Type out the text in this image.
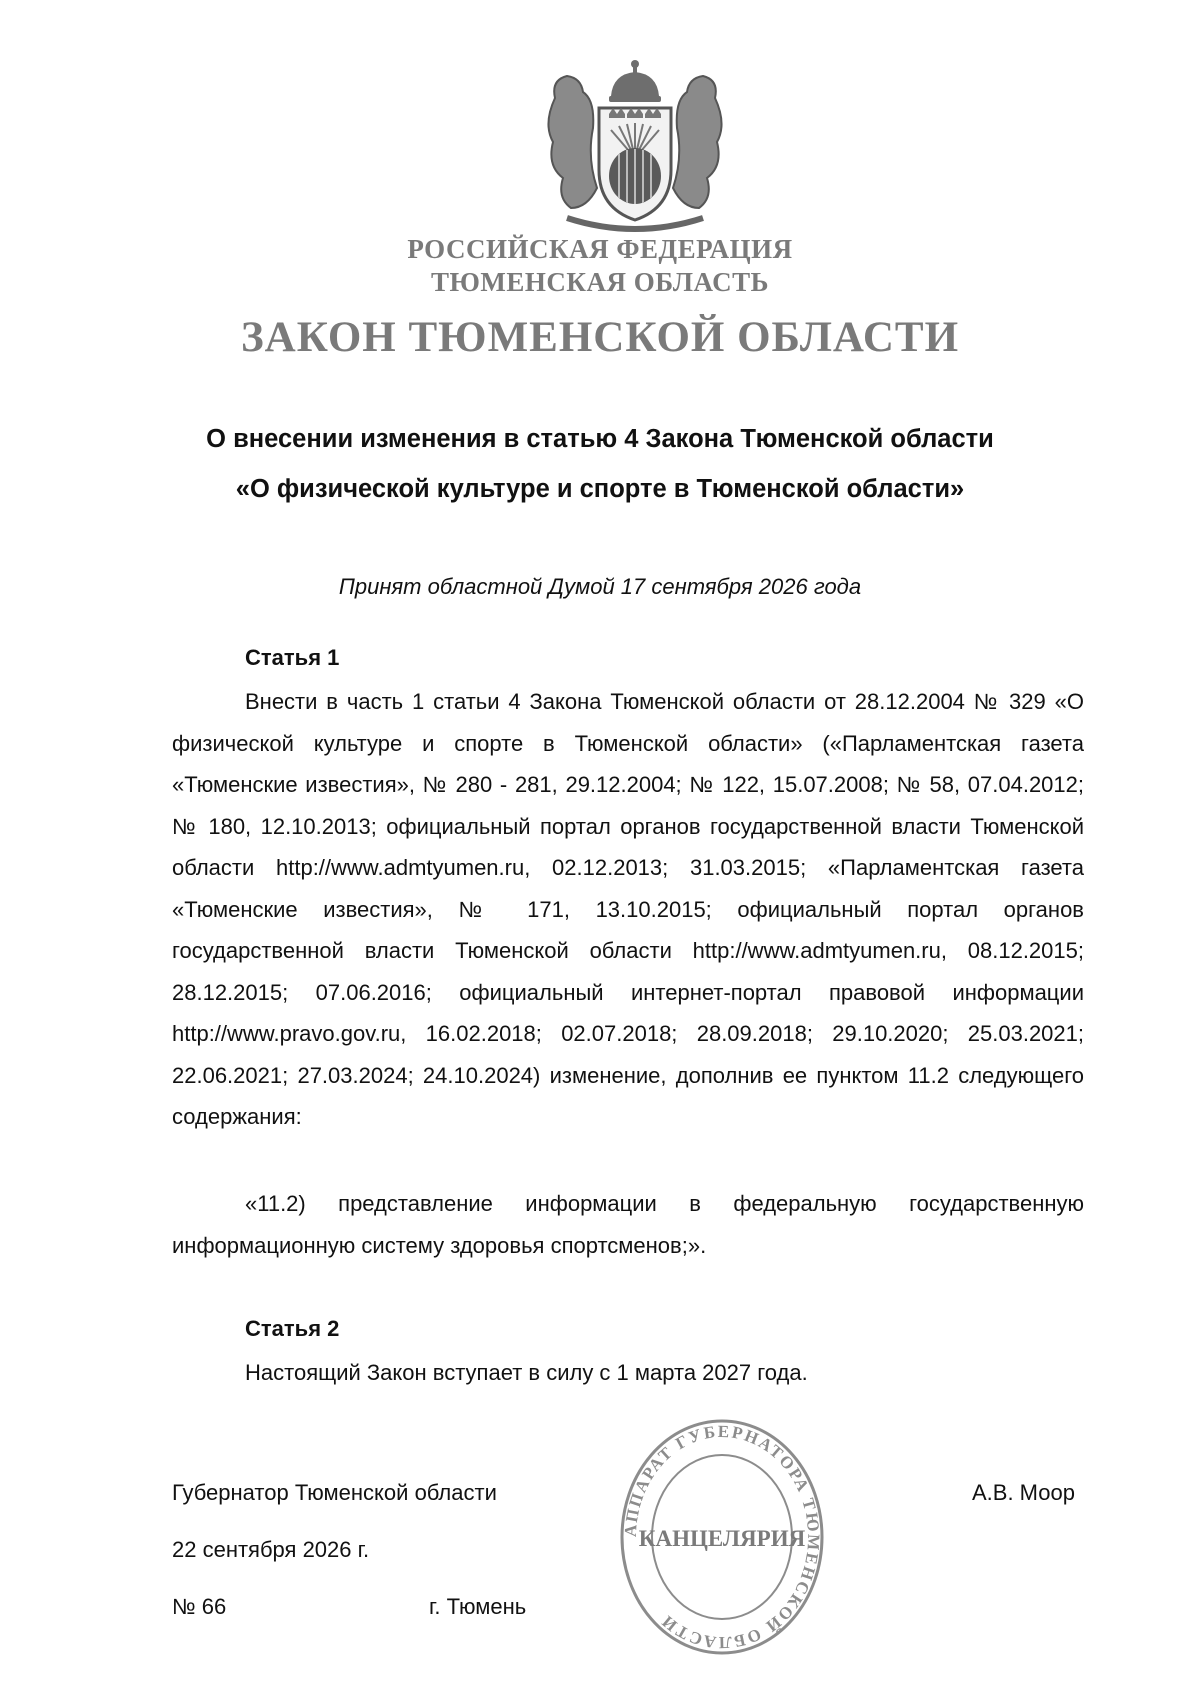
РОССИЙСКАЯ ФЕДЕРАЦИЯ
ТЮМЕНСКАЯ ОБЛАСТЬ
ЗАКОН ТЮМЕНСКОЙ ОБЛАСТИ
О внесении изменения в статью 4 Закона Тюменской области
«О физической культуре и спорте в Тюменской области»
Принят областной Думой 17 сентября 2026 года
Статья 1
Внести в часть 1 статьи 4 Закона Тюменской области от 28.12.2004 № 329 «О физической культуре и спорте в Тюменской области» («Парламентская газета «Тюменские известия», № 280 - 281, 29.12.2004; № 122, 15.07.2008; № 58, 07.04.2012; № 180, 12.10.2013; официальный портал органов государственной власти Тюменской области http://www.admtyumen.ru, 02.12.2013; 31.03.2015; «Парламентская газета «Тюменские известия», № 171, 13.10.2015; официальный портал органов государственной власти Тюменской области http://www.admtyumen.ru, 08.12.2015; 28.12.2015; 07.06.2016; официальный интернет-портал правовой информации http://www.pravo.gov.ru, 16.02.2018; 02.07.2018; 28.09.2018; 29.10.2020; 25.03.2021; 22.06.2021; 27.03.2024; 24.10.2024) изменение, дополнив ее пунктом 11.2 следующего содержания:
«11.2) представление информации в федеральную государственную информационную систему здоровья спортсменов;».
Статья 2
Настоящий Закон вступает в силу с 1 марта 2027 года.
Губернатор Тюменской области	А.В. Моор
22 сентября 2026 г.
№ 66	г. Тюмень
АППАРАТ ГУБЕРНАТОРА ТЮМЕНСКОЙ ОБЛАСТИ
КАНЦЕЛЯРИЯ
